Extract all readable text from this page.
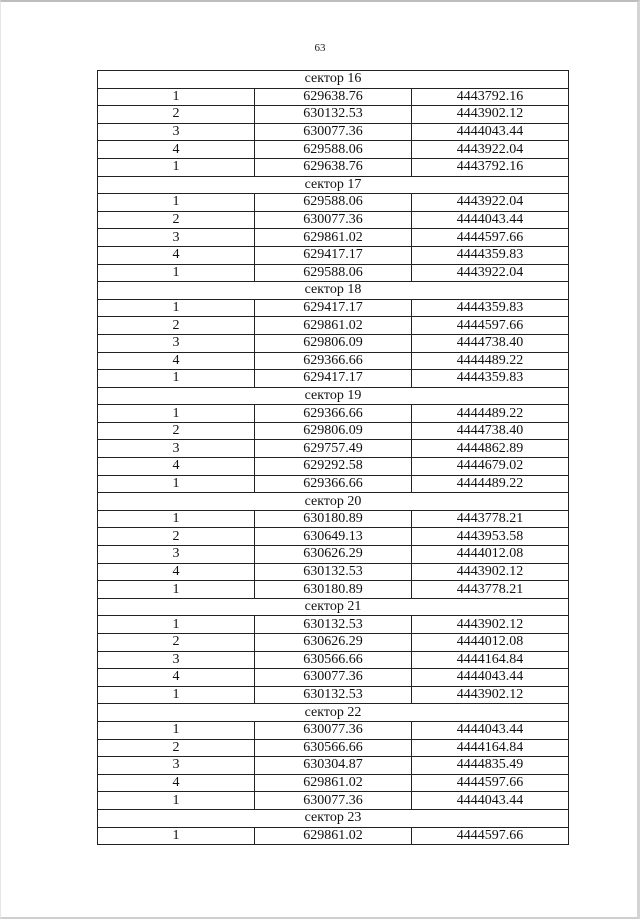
63
сектор 16		
1	629638.76	4443792.16
2	630132.53	4443902.12
3	630077.36	4444043.44
4	629588.06	4443922.04
1	629638.76	4443792.16
сектор 17		
1	629588.06	4443922.04
2	630077.36	4444043.44
3	629861.02	4444597.66
4	629417.17	4444359.83
1	629588.06	4443922.04
сектор 18		
1	629417.17	4444359.83
2	629861.02	4444597.66
3	629806.09	4444738.40
4	629366.66	4444489.22
1	629417.17	4444359.83
сектор 19		
1	629366.66	4444489.22
2	629806.09	4444738.40
3	629757.49	4444862.89
4	629292.58	4444679.02
1	629366.66	4444489.22
сектор 20		
1	630180.89	4443778.21
2	630649.13	4443953.58
3	630626.29	4444012.08
4	630132.53	4443902.12
1	630180.89	4443778.21
сектор 21		
1	630132.53	4443902.12
2	630626.29	4444012.08
3	630566.66	4444164.84
4	630077.36	4444043.44
1	630132.53	4443902.12
сектор 22		
1	630077.36	4444043.44
2	630566.66	4444164.84
3	630304.87	4444835.49
4	629861.02	4444597.66
1	630077.36	4444043.44
сектор 23		
1	629861.02	4444597.66
